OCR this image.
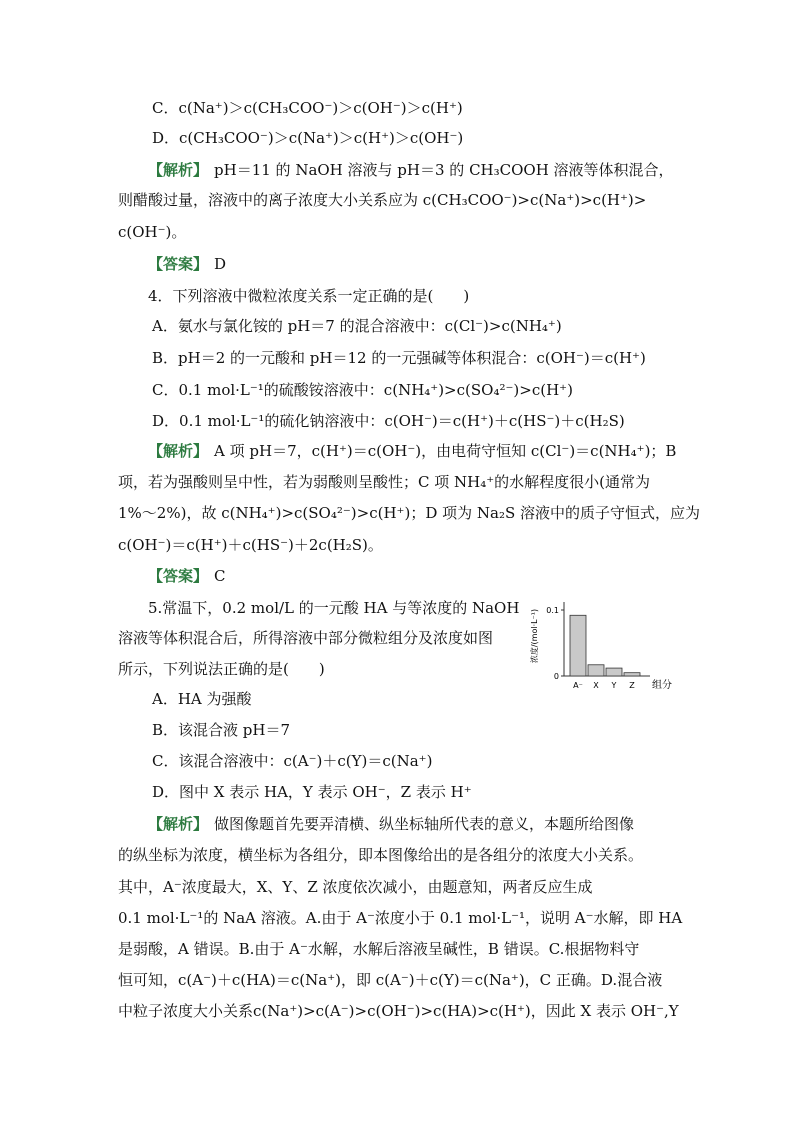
C．c(Na⁺)＞c(CH₃COO⁻)＞c(OH⁻)＞c(H⁺)
D．c(CH₃COO⁻)＞c(Na⁺)＞c(H⁺)＞c(OH⁻)
【解析】 pH＝11 的 NaOH 溶液与 pH＝3 的 CH₃COOH 溶液等体积混合，
则醋酸过量，溶液中的离子浓度大小关系应为 c(CH₃COO⁻)>c(Na⁺)>c(H⁺)>
c(OH⁻)。
【答案】 D
4．下列溶液中微粒浓度关系一定正确的是(　　)
A．氨水与氯化铵的 pH＝7 的混合溶液中：c(Cl⁻)>c(NH₄⁺)
B．pH＝2 的一元酸和 pH＝12 的一元强碱等体积混合：c(OH⁻)＝c(H⁺)
C．0.1 mol·L⁻¹的硫酸铵溶液中：c(NH₄⁺)>c(SO₄²⁻)>c(H⁺)
D．0.1 mol·L⁻¹的硫化钠溶液中：c(OH⁻)＝c(H⁺)＋c(HS⁻)＋c(H₂S)
【解析】 A 项 pH＝7，c(H⁺)＝c(OH⁻)，由电荷守恒知 c(Cl⁻)＝c(NH₄⁺)；B
项，若为强酸则呈中性，若为弱酸则呈酸性；C 项 NH₄⁺的水解程度很小(通常为
1%～2%)，故 c(NH₄⁺)>c(SO₄²⁻)>c(H⁺)；D 项为 Na₂S 溶液中的质子守恒式，应为
c(OH⁻)＝c(H⁺)＋c(HS⁻)＋2c(H₂S)。
【答案】 C
5.常温下，0.2 mol/L 的一元酸 HA 与等浓度的 NaOH
溶液等体积混合后，所得溶液中部分微粒组分及浓度如图
所示，下列说法正确的是(　　)
浓度/(mol·L⁻¹)
组分
0
0.1
A⁻ X Y Z
A．HA 为强酸
B．该混合液 pH＝7
C．该混合溶液中：c(A⁻)＋c(Y)＝c(Na⁺)
D．图中 X 表示 HA，Y 表示 OH⁻，Z 表示 H⁺
【解析】 做图像题首先要弄清横、纵坐标轴所代表的意义，本题所给图像
的纵坐标为浓度，横坐标为各组分，即本图像给出的是各组分的浓度大小关系。
其中，A⁻浓度最大，X、Y、Z 浓度依次减小，由题意知，两者反应生成
0.1 mol·L⁻¹的 NaA 溶液。A.由于 A⁻浓度小于 0.1 mol·L⁻¹，说明 A⁻水解，即 HA
是弱酸，A 错误。B.由于 A⁻水解，水解后溶液呈碱性，B 错误。C.根据物料守
恒可知，c(A⁻)＋c(HA)＝c(Na⁺)，即 c(A⁻)＋c(Y)＝c(Na⁺)，C 正确。D.混合液
中粒子浓度大小关系c(Na⁺)>c(A⁻)>c(OH⁻)>c(HA)>c(H⁺)，因此 X 表示 OH⁻,Y
